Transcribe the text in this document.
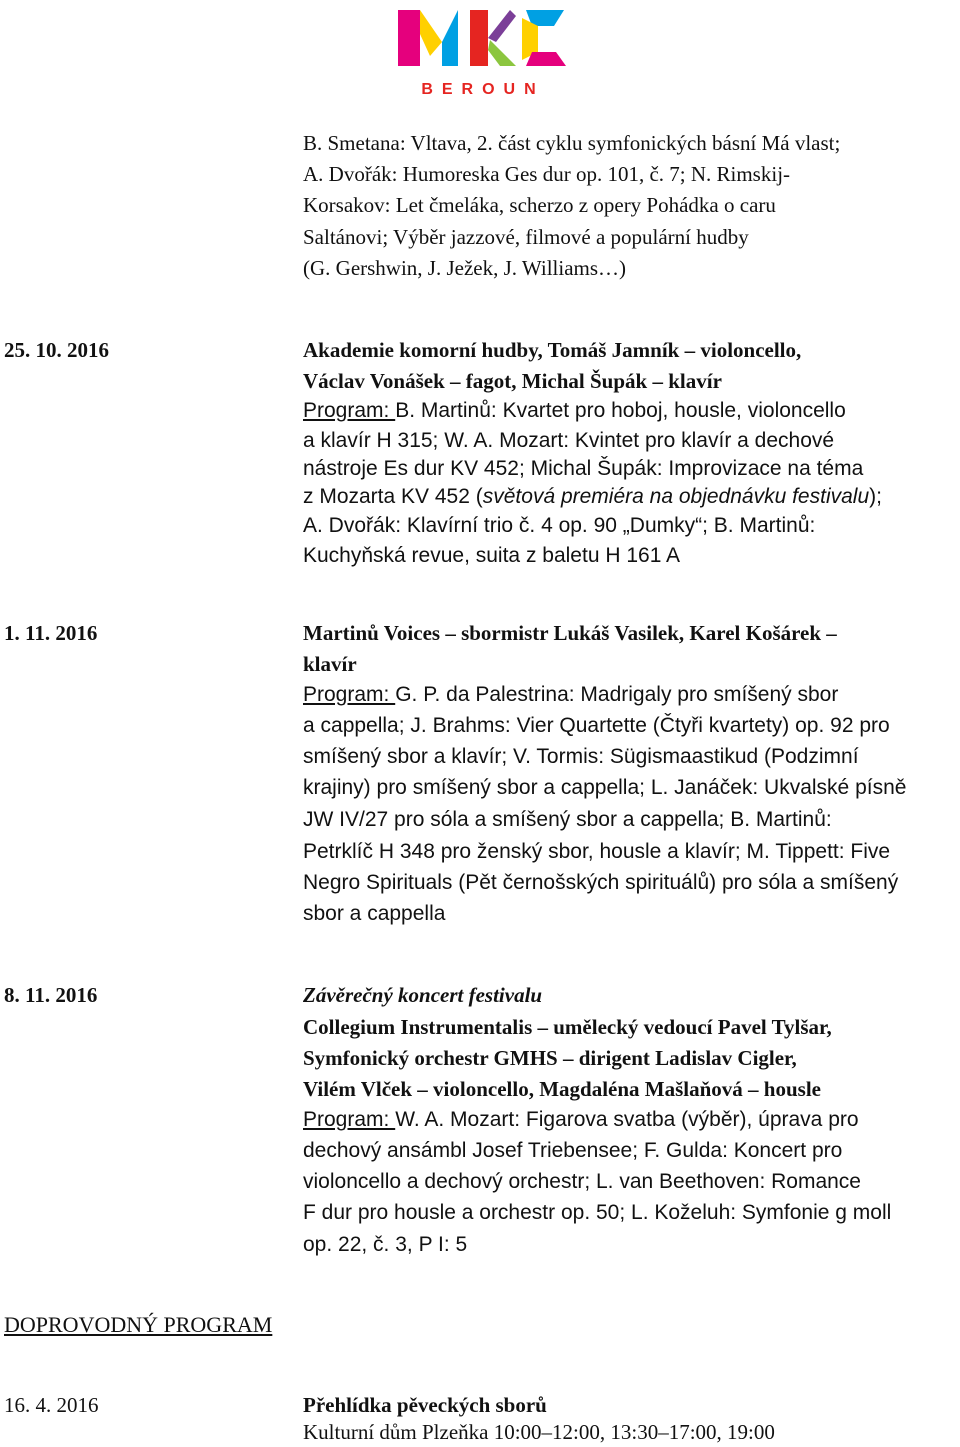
BEROUN
B. Smetana: Vltava, 2. část cyklu symfonických básní Má vlast;
A. Dvořák: Humoreska Ges dur op. 101, č. 7; N. Rimskij-
Korsakov: Let čmeláka, scherzo z opery Pohádka o caru
Saltánovi; Výběr jazzové, filmové a populární hudby
(G. Gershwin, J. Ježek, J. Williams…)
25. 10. 2016	Akademie komorní hudby, Tomáš Jamník – violoncello,
Václav Vonášek – fagot, Michal Šupák – klavír
Program: B. Martinů: Kvartet pro hoboj, housle, violoncello
a klavír H 315; W. A. Mozart: Kvintet pro klavír a dechové
nástroje Es dur KV 452; Michal Šupák: Improvizace na téma
z Mozarta KV 452 (světová premiéra na objednávku festivalu);
A. Dvořák: Klavírní trio č. 4 op. 90 „Dumky“; B. Martinů:
Kuchyňská revue, suita z baletu H 161 A
1. 11. 2016	Martinů Voices – sbormistr Lukáš Vasilek, Karel Košárek –
klavír
Program: G. P. da Palestrina: Madrigaly pro smíšený sbor
a cappella; J. Brahms: Vier Quartette (Čtyři kvartety) op. 92 pro
smíšený sbor a klavír; V. Tormis: Sügismaastikud (Podzimní
krajiny) pro smíšený sbor a cappella; L. Janáček: Ukvalské písně
JW IV/27 pro sóla a smíšený sbor a cappella; B. Martinů:
Petrklíč H 348 pro ženský sbor, housle a klavír; M. Tippett: Five
Negro Spirituals (Pět černošských spirituálů) pro sóla a smíšený
sbor a cappella
8. 11. 2016	Závěrečný koncert festivalu
Collegium Instrumentalis – umělecký vedoucí Pavel Tylšar,
Symfonický orchestr GMHS – dirigent Ladislav Cigler,
Vilém Vlček – violoncello, Magdaléna Mašlaňová – housle
Program: W. A. Mozart: Figarova svatba (výběr), úprava pro
dechový ansámbl Josef Triebensee; F. Gulda: Koncert pro
violoncello a dechový orchestr; L. van Beethoven: Romance
F dur pro housle a orchestr op. 50; L. Koželuh: Symfonie g moll
op. 22, č. 3, P I: 5
DOPROVODNÝ PROGRAM
16. 4. 2016	Přehlídka pěveckých sborů
Kulturní dům Plzeňka 10:00–12:00, 13:30–17:00, 19:00
